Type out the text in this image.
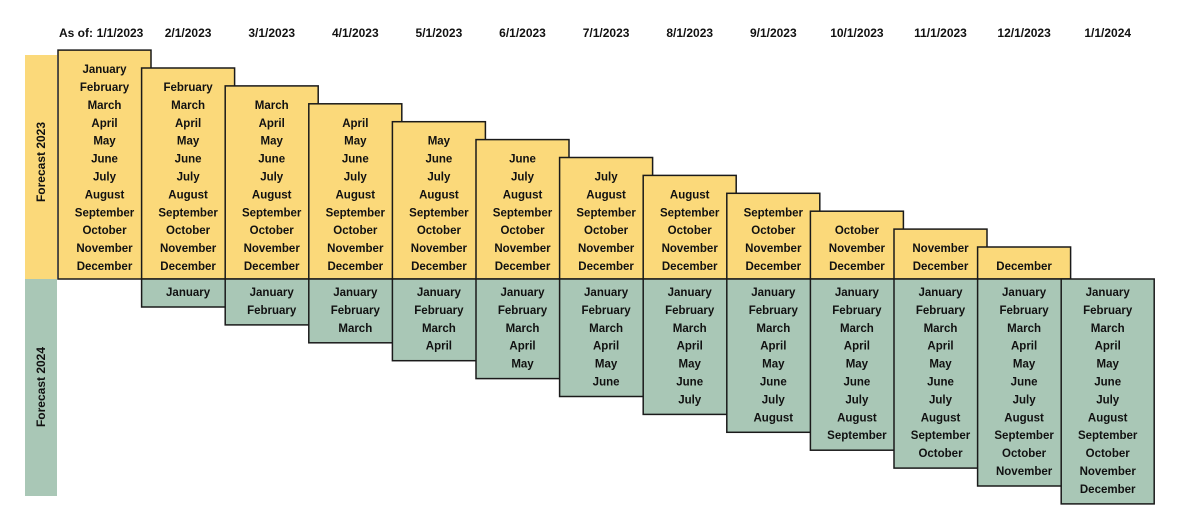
Forecast 2023
Forecast 2024
As of: 1/1/2023
January
February
March
April
May
June
July
August
September
October
November
December
2/1/2023
February
March
April
May
June
July
August
September
October
November
December
January
3/1/2023
March
April
May
June
July
August
September
October
November
December
January
February
4/1/2023
April
May
June
July
August
September
October
November
December
January
February
March
5/1/2023
May
June
July
August
September
October
November
December
January
February
March
April
6/1/2023
June
July
August
September
October
November
December
January
February
March
April
May
7/1/2023
July
August
September
October
November
December
January
February
March
April
May
June
8/1/2023
August
September
October
November
December
January
February
March
April
May
June
July
9/1/2023
September
October
November
December
January
February
March
April
May
June
July
August
10/1/2023
October
November
December
January
February
March
April
May
June
July
August
September
11/1/2023
November
December
January
February
March
April
May
June
July
August
September
October
12/1/2023
December
January
February
March
April
May
June
July
August
September
October
November
1/1/2024
January
February
March
April
May
June
July
August
September
October
November
December
